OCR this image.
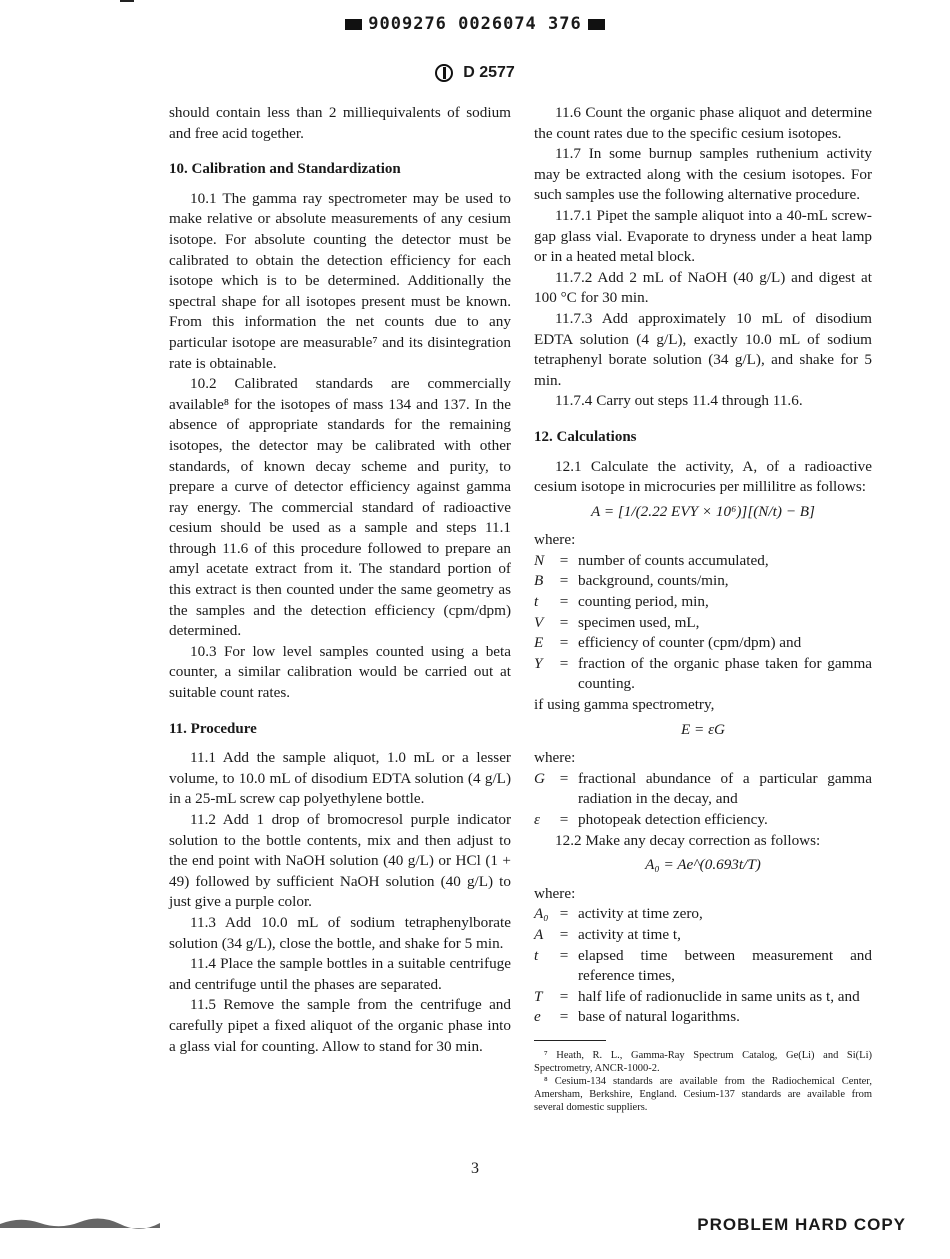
9009276 0026074 376
D 2577

should contain less than 2 milliequivalents of sodium and free acid together.

10. Calibration and Standardization

10.1 The gamma ray spectrometer may be used to make relative or absolute measurements of any cesium isotope. For absolute counting the detector must be calibrated to obtain the detection efficiency for each isotope which is to be determined. Additionally the spectral shape for all isotopes present must be known. From this information the net counts due to any particular isotope are measurable⁷ and its disintegration rate is obtainable.

10.2 Calibrated standards are commercially available⁸ for the isotopes of mass 134 and 137. In the absence of appropriate standards for the remaining isotopes, the detector may be calibrated with other standards, of known decay scheme and purity, to prepare a curve of detector efficiency against gamma ray energy. The commercial standard of radioactive cesium should be used as a sample and steps 11.1 through 11.6 of this procedure followed to prepare an amyl acetate extract from it. The standard portion of this extract is then counted under the same geometry as the samples and the detection efficiency (cpm/dpm) determined.

10.3 For low level samples counted using a beta counter, a similar calibration would be carried out at suitable count rates.

11. Procedure

11.1 Add the sample aliquot, 1.0 mL or a lesser volume, to 10.0 mL of disodium EDTA solution (4 g/L) in a 25-mL screw cap polyethylene bottle.

11.2 Add 1 drop of bromocresol purple indicator solution to the bottle contents, mix and then adjust to the end point with NaOH solution (40 g/L) or HCl (1 + 49) followed by sufficient NaOH solution (40 g/L) to just give a purple color.

11.3 Add 10.0 mL of sodium tetraphenylborate solution (34 g/L), close the bottle, and shake for 5 min.

11.4 Place the sample bottles in a suitable centrifuge and centrifuge until the phases are separated.

11.5 Remove the sample from the centrifuge and carefully pipet a fixed aliquot of the organic phase into a glass vial for counting. Allow to stand for 30 min.

11.6 Count the organic phase aliquot and determine the count rates due to the specific cesium isotopes.

11.7 In some burnup samples ruthenium activity may be extracted along with the cesium isotopes. For such samples use the following alternative procedure.

11.7.1 Pipet the sample aliquot into a 40-mL screw-gap glass vial. Evaporate to dryness under a heat lamp or in a heated metal block.

11.7.2 Add 2 mL of NaOH (40 g/L) and digest at 100 °C for 30 min.

11.7.3 Add approximately 10 mL of disodium EDTA solution (4 g/L), exactly 10.0 mL of sodium tetraphenyl borate solution (34 g/L), and shake for 5 min.

11.7.4 Carry out steps 11.4 through 11.6.

12. Calculations

12.1 Calculate the activity, A, of a radioactive cesium isotope in microcuries per millilitre as follows:

A = [1/(2.22 EVY × 10⁶)][(N/t) − B]

where:

N	= number of counts accumulated,
B	= background, counts/min,
t	= counting period, min,
V	= specimen used, mL,
E	= efficiency of counter (cpm/dpm) and
Y	= fraction of the organic phase taken for gamma counting.

if using gamma spectrometry,

E = εG

where:

G = fractional abundance of a particular gamma radiation in the decay, and
ε	= photopeak detection efficiency.

12.2 Make any decay correction as follows:

A₀ = Ae^(0.693t/T)

where:

A₀ = activity at time zero,
A	= activity at time t,
t	= elapsed time between measurement and reference times,
T	= half life of radionuclide in same units as t, and
e	= base of natural logarithms.

⁷ Heath, R. L., Gamma-Ray Spectrum Catalog, Ge(Li) and Si(Li) Spectrometry, ANCR-1000-2.

⁸ Cesium-134 standards are available from the Radiochemical Center, Amersham, Berkshire, England. Cesium-137 standards are available from several domestic suppliers.

3
PROBLEM HARD COPY
